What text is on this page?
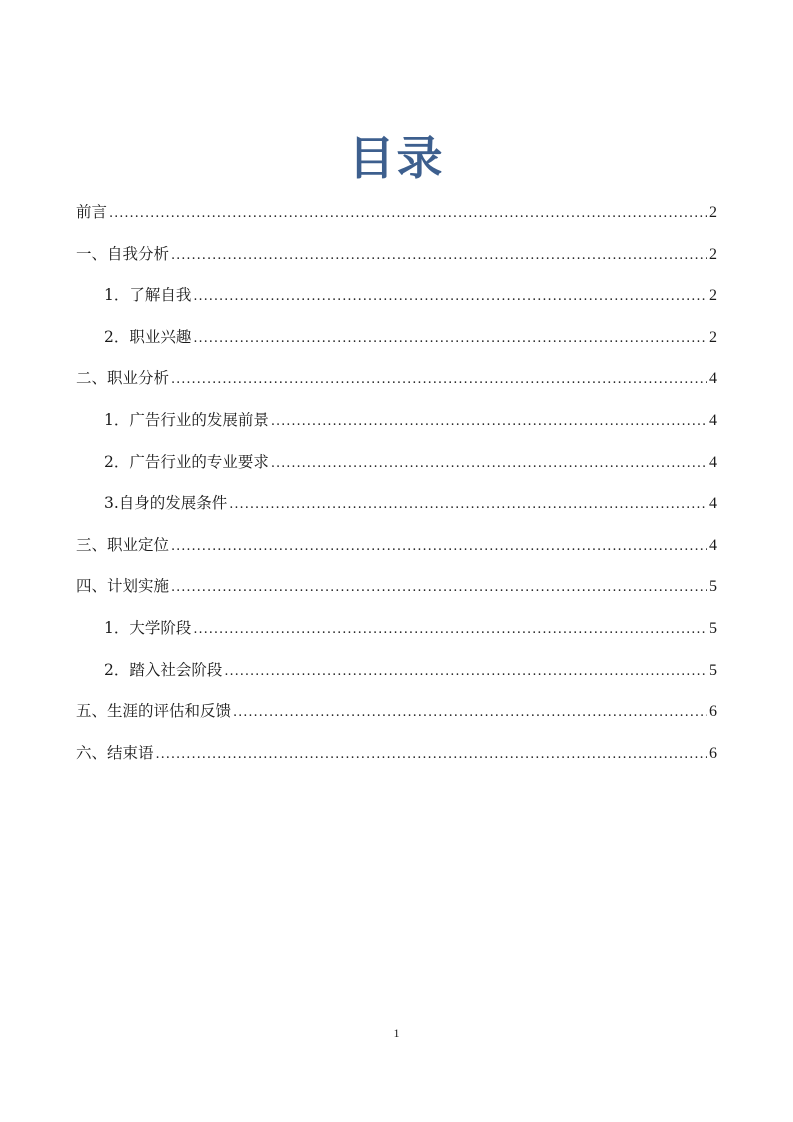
目录
前言 .....	2
一、自我分析 .....	2
1．了解自我 .....	2
2．职业兴趣 .....	2
二、职业分析 .....	4
1．广告行业的发展前景 .....	4
2．广告行业的专业要求 .....	4
3.自身的发展条件 .....	4
三、职业定位 .....	4
四、计划实施 .....	5
1．大学阶段 .....	5
2．踏入社会阶段 .....	5
五、生涯的评估和反馈 .....	6
六、结束语 .....	6
1
